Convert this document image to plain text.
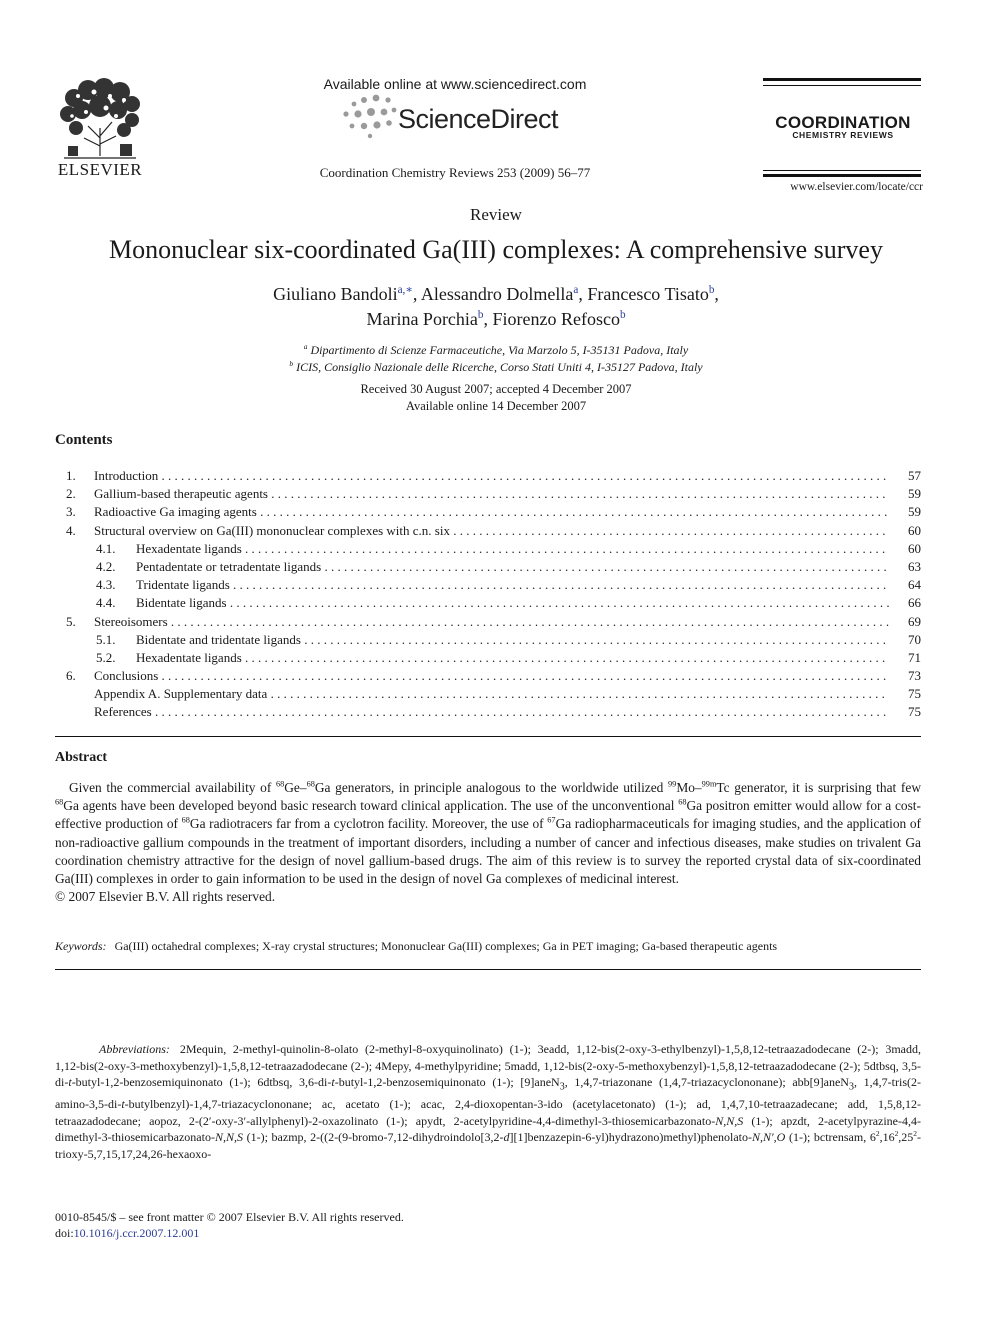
ELSEVIER
Available online at www.sciencedirect.com
ScienceDirect
Coordination Chemistry Reviews 253 (2009) 56–77
COORDINATION
CHEMISTRY REVIEWS
www.elsevier.com/locate/ccr
Review
Mononuclear six-coordinated Ga(III) complexes: A comprehensive survey
Giuliano Bandoli$^{a,∗}$, Alessandro Dolmella$^a$, Francesco Tisato$^b$,
Marina Porchia$^b$, Fiorenzo Refosco$^b$
$^a$ Dipartimento di Scienze Farmaceutiche, Via Marzolo 5, I-35131 Padova, Italy
$^b$ ICIS, Consiglio Nazionale delle Ricerche, Corso Stati Uniti 4, I-35127 Padova, Italy
Received 30 August 2007; accepted 4 December 2007
Available online 14 December 2007
Contents
1. Introduction . . .	57
2. Gallium-based therapeutic agents . . .	59
3. Radioactive Ga imaging agents . . .	59
4. Structural overview on Ga(III) mononuclear complexes with c.n. six . . .	60
4.1. Hexadentate ligands . . .	60
4.2. Pentadentate or tetradentate ligands . . .	63
4.3. Tridentate ligands . . .	64
4.4. Bidentate ligands . . .	66
5. Stereoisomers . . .	69
5.1. Bidentate and tridentate ligands . . .	70
5.2. Hexadentate ligands . . .	71
6. Conclusions . . .	73
Appendix A. Supplementary data . . .	75
References . . .	75
Abstract

Given the commercial availability of $^{68}$Ge–$^{68}$Ga generators, in principle analogous to the worldwide utilized $^{99}$Mo–$^{99m}$Tc generator, it is surprising that few $^{68}$Ga agents have been developed beyond basic research toward clinical application. The use of the unconventional $^{68}$Ga positron emitter would allow for a cost-effective production of $^{68}$Ga radiotracers far from a cyclotron facility. Moreover, the use of $^{67}$Ga radiopharmaceuticals for imaging studies, and the application of non-radioactive gallium compounds in the treatment of important disorders, including a number of cancer and infectious diseases, make studies on trivalent Ga coordination chemistry attractive for the design of novel gallium-based drugs. The aim of this review is to survey the reported crystal data of six-coordinated Ga(III) complexes in order to gain information to be used in the design of novel Ga complexes of medicinal interest.

© 2007 Elsevier B.V. All rights reserved.

Keywords: Ga(III) octahedral complexes; X-ray crystal structures; Mononuclear Ga(III) complexes; Ga in PET imaging; Ga-based therapeutic agents
Abbreviations: 2Mequin, 2-methyl-quinolin-8-olato (2-methyl-8-oxyquinolinato) (1-); 3eadd, 1,12-bis(2-oxy-3-ethylbenzyl)-1,5,8,12-tetraazadodecane (2-); 3madd, 1,12-bis(2-oxy-3-methoxybenzyl)-1,5,8,12-tetraazadodecane (2-); 4Mepy, 4-methylpyridine; 5madd, 1,12-bis(2-oxy-5-methoxybenzyl)-1,5,8,12-tetraazadodecane (2-); 5dtbsq, 3,5-di-t-butyl-1,2-benzosemiquinonato (1-); 6dtbsq, 3,6-di-t-butyl-1,2-benzosemiquinonato (1-); [9]aneN$_3$, 1,4,7-triazonane (1,4,7-triazacyclononane); abb[9]aneN$_3$, 1,4,7-tris(2-amino-3,5-di-t-butylbenzyl)-1,4,7-triazacyclononane; ac, acetato (1-); acac, 2,4-dioxopentan-3-ido (acetylacetonato) (1-); ad, 1,4,7,10-tetraazadecane; add, 1,5,8,12-tetraazadodecane; aopoz, 2-(2′-oxy-3′-allylphenyl)-2-oxazolinato (1-); apydt, 2-acetylpyridine-4,4-dimethyl-3-thiosemicarbazonato-N,N,S (1-); apzdt, 2-acetylpyrazine-4,4-dimethyl-3-thiosemicarbazonato-N,N,S (1-); bazmp, 2-((2-(9-bromo-7,12-dihydroindolo[3,2-d][1]benzazepin-6-yl)hydrazono)methyl)phenolato-N,N′,O (1-); bctrensam, $6^2,16^2,25^2-trioxy-5,7,15,17,24,26-hexaoxo-$
0010-8545/$ – see front matter © 2007 Elsevier B.V. All rights reserved.
doi:10.1016/j.ccr.2007.12.001
